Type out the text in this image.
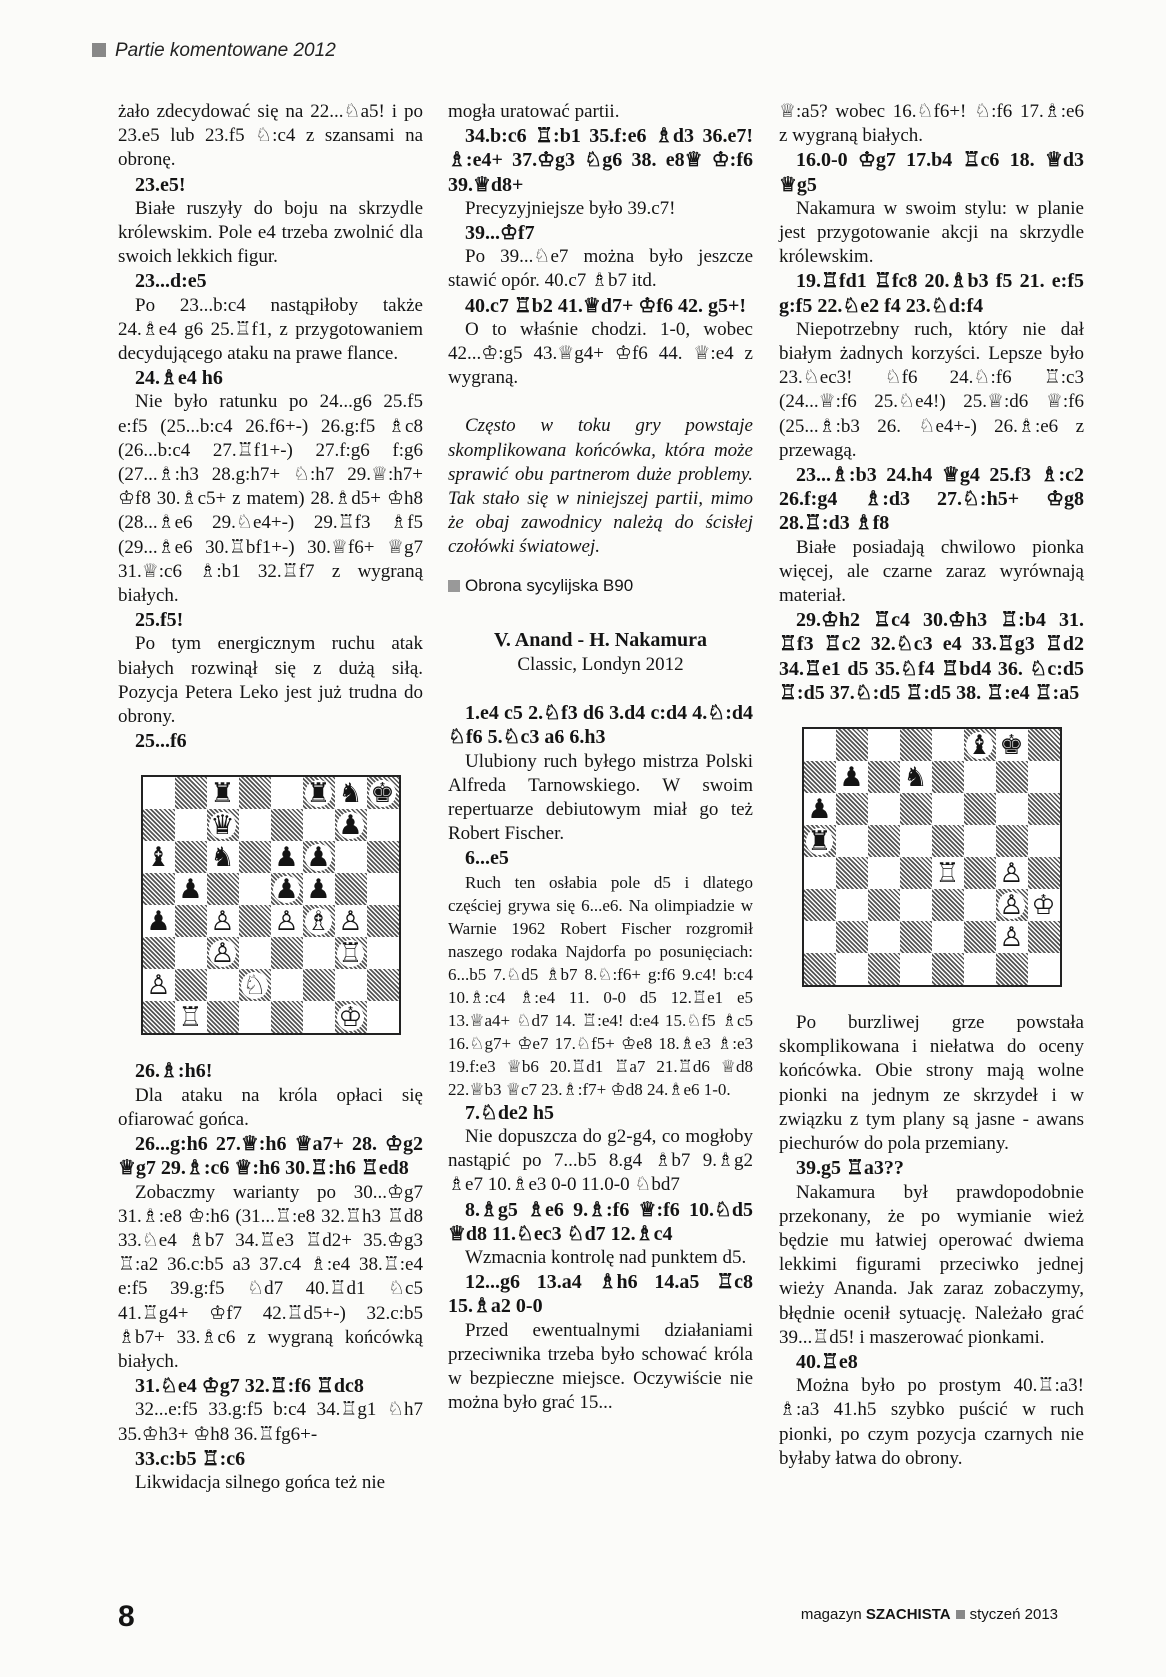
Partie komentowane 2012

żało zdecydować się na 22...♘a5! i po 23.e5 lub 23.f5 ♘:c4 z szansami na obronę.

23.e5!

Białe ruszyły do boju na skrzydle królewskim. Pole e4 trzeba zwolnić dla swoich lekkich figur.

23...d:e5

Po 23...b:c4 nastąpiłoby także 24.♗e4 g6 25.♖f1, z przygotowaniem decydującego ataku na prawe flance.

24.♗e4 h6

Nie było ratunku po 24...g6 25.f5 e:f5 (25...b:c4 26.f6+-) 26.g:f5 ♗c8 (26...b:c4 27.♖f1+-) 27.f:g6 f:g6 (27...♗:h3 28.g:h7+ ♘:h7 29.♕:h7+ ♔f8 30.♗c5+ z matem) 28.♗d5+ ♔h8 (28...♗e6 29.♘e4+-) 29.♖f3 ♗f5 (29...♗e6 30.♖bf1+-) 30.♕f6+ ♕g7 31.♕:c6 ♗:b1 32.♖f7 z wygraną białych.

25.f5!

Po tym energicznym ruchu atak białych rozwinął się z dużą siłą. Pozycja Petera Leko jest już trudna do obrony.

25...f6

♜	♜ ♞ ♚
♛	♟
♝ ♞ ♟ ♟
♟	♟ ♟
♟ ♙ ♙ ♗ ♙
♙	♖
♙	♘
♖	♔

26.♗:h6!

Dla ataku na króla opłaci się ofiarować gońca.

26...g:h6 27.♕:h6 ♕a7+ 28. ♔g2 ♕g7 29.♗:c6 ♕:h6 30.♖:h6 ♖ed8

Zobaczmy warianty po 30...♔g7 31.♗:e8 ♔:h6 (31...♖:e8 32.♖h3 ♖d8 33.♘e4 ♗b7 34.♖e3 ♖d2+ 35.♔g3 ♖:a2 36.c:b5 a3 37.c4 ♗:e4 38.♖:e4 e:f5 39.g:f5 ♘d7 40.♖d1 ♘c5 41.♖g4+ ♔f7 42.♖d5+-) 32.c:b5 ♗b7+ 33.♗c6 z wygraną końcówką białych.

31.♘e4 ♔g7 32.♖:f6 ♖dc8

32...e:f5 33.g:f5 b:c4 34.♖g1 ♘h7 35.♔h3+ ♔h8 36.♖fg6+-

33.c:b5 ♖:c6

Likwidacja silnego gońca też nie

mogła uratować partii.

34.b:c6 ♖:b1 35.f:e6 ♗d3 36.e7! ♗:e4+ 37.♔g3 ♘g6 38. e8♕ ♔:f6 39.♕d8+

Precyzyjniejsze było 39.c7!

39...♔f7

Po 39...♘e7 można było jeszcze stawić opór. 40.c7 ♗b7 itd.

40.c7 ♖b2 41.♕d7+ ♔f6 42. g5+!

O to właśnie chodzi. 1-0, wobec 42...♔:g5 43.♕g4+ ♔f6 44. ♕:e4 z wygraną.

Często w toku gry powstaje skomplikowana końcówka, która może sprawić obu partnerom duże problemy. Tak stało się w niniejszej partii, mimo że obaj zawodnicy należą do ścisłej czołówki światowej.

Obrona sycylijska B90

V. Anand - H. Nakamura
Classic, Londyn 2012

1.e4 c5 2.♘f3 d6 3.d4 c:d4 4.♘:d4 ♘f6 5.♘c3 a6 6.h3

Ulubiony ruch byłego mistrza Polski Alfreda Tarnowskiego. W swoim repertuarze debiutowym miał go też Robert Fischer.

6...e5

Ruch ten osłabia pole d5 i dlatego częściej grywa się 6...e6. Na olimpiadzie w Warnie 1962 Robert Fischer rozgromił naszego rodaka Najdorfa po posunięciach: 6...b5 7.♘d5 ♗b7 8.♘:f6+ g:f6 9.c4! b:c4 10.♗:c4 ♗:e4 11. 0-0 d5 12.♖e1 e5 13.♕a4+ ♘d7 14. ♖:e4! d:e4 15.♘f5 ♗c5 16.♘g7+ ♔e7 17.♘f5+ ♔e8 18.♗e3 ♗:e3 19.f:e3 ♕b6 20.♖d1 ♖a7 21.♖d6 ♕d8 22.♕b3 ♕c7 23.♗:f7+ ♔d8 24.♗e6 1-0.

7.♘de2 h5

Nie dopuszcza do g2-g4, co mogłoby nastąpić po 7...b5 8.g4 ♗b7 9.♗g2 ♗e7 10.♗e3 0-0 11.0-0 ♘bd7

8.♗g5 ♗e6 9.♗:f6 ♕:f6 10.♘d5 ♕d8 11.♘ec3 ♘d7 12.♗c4

Wzmacnia kontrolę nad punktem d5.

12...g6 13.a4 ♗h6 14.a5 ♖c8 15.♗a2 0-0

Przed ewentualnymi działaniami przeciwnika trzeba było schować króla w bezpieczne miejsce. Oczywiście nie można było grać 15...

♕:a5? wobec 16.♘f6+! ♘:f6 17.♗:e6 z wygraną białych.

16.0-0 ♔g7 17.b4 ♖c6 18. ♕d3 ♕g5

Nakamura w swoim stylu: w planie jest przygotowanie akcji na skrzydle królewskim.

19.♖fd1 ♖fc8 20.♗b3 f5 21. e:f5 g:f5 22.♘e2 f4 23.♘d:f4

Niepotrzebny ruch, który nie dał białym żadnych korzyści. Lepsze było 23.♘ec3! ♘f6 24.♘:f6 ♖:c3 (24...♕:f6 25.♘e4!) 25.♕:d6 ♕:f6 (25...♗:b3 26. ♘e4+-) 26.♗:e6 z przewagą.

23...♗:b3 24.h4 ♕g4 25.f3 ♗:c2 26.f:g4 ♗:d3 27.♘:h5+ ♔g8 28.♖:d3 ♗f8

Białe posiadają chwilowo pionka więcej, ale czarne zaraz wyrównają materiał.

29.♔h2 ♖c4 30.♔h3 ♖:b4 31. ♖f3 ♖c2 32.♘c3 e4 33.♖g3 ♖d2 34.♖e1 d5 35.♘f4 ♖bd4 36. ♘c:d5 ♖:d5 37.♘:d5 ♖:d5 38. ♖:e4 ♖:a5

♝ ♚
♟ ♞
♟
♜
♖ ♙
♙ ♔
♙

Po burzliwej grze powstała skomplikowana i niełatwa do oceny końcówka. Obie strony mają wolne pionki na jednym ze skrzydeł i w związku z tym plany są jasne - awans piechurów do pola przemiany.

39.g5 ♖a3??

Nakamura był prawdopodobnie przekonany, że po wymianie wież będzie mu łatwiej operować dwiema lekkimi figurami przeciwko jednej wieży Ananda. Jak zaraz zobaczymy, błędnie ocenił sytuację. Należało grać 39...♖d5! i maszerować pionkami.

40.♖e8

Można było po prostym 40.♖:a3! ♗:a3 41.h5 szybko puścić w ruch pionki, po czym pozycja czarnych nie byłaby łatwa do obrony.

8	magazyn SZACHISTA styczeń 2013
